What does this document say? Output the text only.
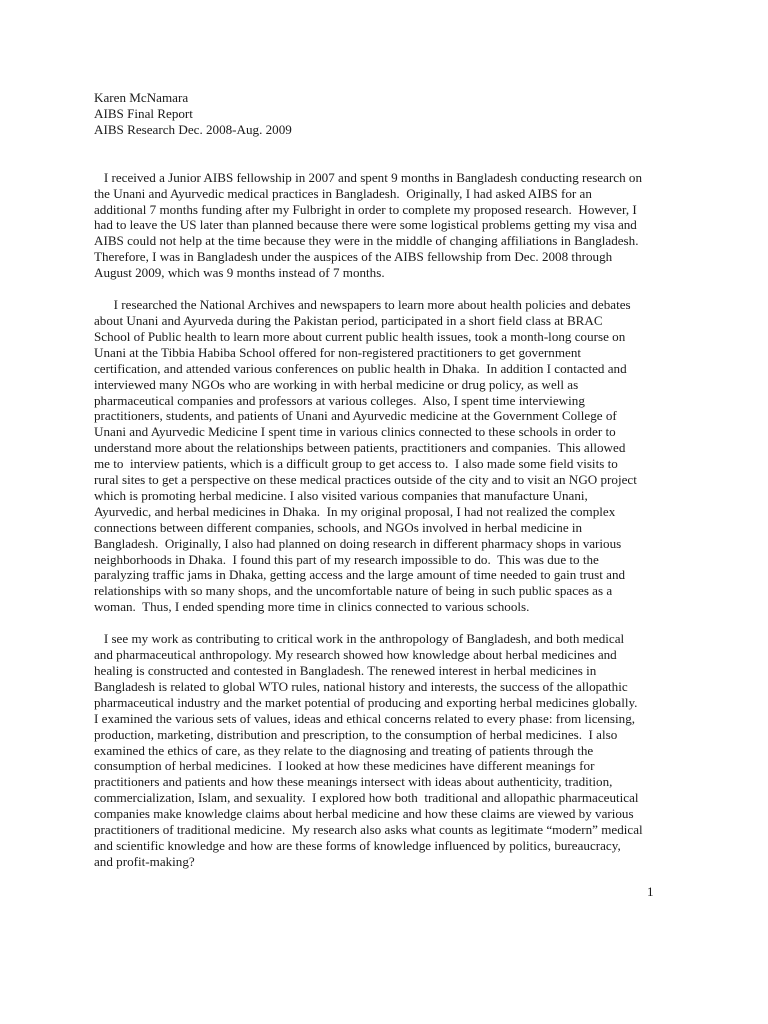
Karen McNamara
AIBS Final Report
AIBS Research Dec. 2008-Aug. 2009
I received a Junior AIBS fellowship in 2007 and spent 9 months in Bangladesh conducting research on
the Unani and Ayurvedic medical practices in Bangladesh.  Originally, I had asked AIBS for an
additional 7 months funding after my Fulbright in order to complete my proposed research.  However, I
had to leave the US later than planned because there were some logistical problems getting my visa and
AIBS could not help at the time because they were in the middle of changing affiliations in Bangladesh.
Therefore, I was in Bangladesh under the auspices of the AIBS fellowship from Dec. 2008 through
August 2009, which was 9 months instead of 7 months.
I researched the National Archives and newspapers to learn more about health policies and debates
about Unani and Ayurveda during the Pakistan period, participated in a short field class at BRAC
School of Public health to learn more about current public health issues, took a month-long course on
Unani at the Tibbia Habiba School offered for non-registered practitioners to get government
certification, and attended various conferences on public health in Dhaka.  In addition I contacted and
interviewed many NGOs who are working in with herbal medicine or drug policy, as well as
pharmaceutical companies and professors at various colleges.  Also, I spent time interviewing
practitioners, students, and patients of Unani and Ayurvedic medicine at the Government College of
Unani and Ayurvedic Medicine I spent time in various clinics connected to these schools in order to
understand more about the relationships between patients, practitioners and companies.  This allowed
me to  interview patients, which is a difficult group to get access to.  I also made some field visits to
rural sites to get a perspective on these medical practices outside of the city and to visit an NGO project
which is promoting herbal medicine. I also visited various companies that manufacture Unani,
Ayurvedic, and herbal medicines in Dhaka.  In my original proposal, I had not realized the complex
connections between different companies, schools, and NGOs involved in herbal medicine in
Bangladesh.  Originally, I also had planned on doing research in different pharmacy shops in various
neighborhoods in Dhaka.  I found this part of my research impossible to do.  This was due to the
paralyzing traffic jams in Dhaka, getting access and the large amount of time needed to gain trust and
relationships with so many shops, and the uncomfortable nature of being in such public spaces as a
woman.  Thus, I ended spending more time in clinics connected to various schools.
I see my work as contributing to critical work in the anthropology of Bangladesh, and both medical
and pharmaceutical anthropology. My research showed how knowledge about herbal medicines and
healing is constructed and contested in Bangladesh. The renewed interest in herbal medicines in
Bangladesh is related to global WTO rules, national history and interests, the success of the allopathic
pharmaceutical industry and the market potential of producing and exporting herbal medicines globally.
I examined the various sets of values, ideas and ethical concerns related to every phase: from licensing,
production, marketing, distribution and prescription, to the consumption of herbal medicines.  I also
examined the ethics of care, as they relate to the diagnosing and treating of patients through the
consumption of herbal medicines.  I looked at how these medicines have different meanings for
practitioners and patients and how these meanings intersect with ideas about authenticity, tradition,
commercialization, Islam, and sexuality.  I explored how both  traditional and allopathic pharmaceutical
companies make knowledge claims about herbal medicine and how these claims are viewed by various
practitioners of traditional medicine.  My research also asks what counts as legitimate “modern” medical
and scientific knowledge and how are these forms of knowledge influenced by politics, bureaucracy,
and profit-making?
1
